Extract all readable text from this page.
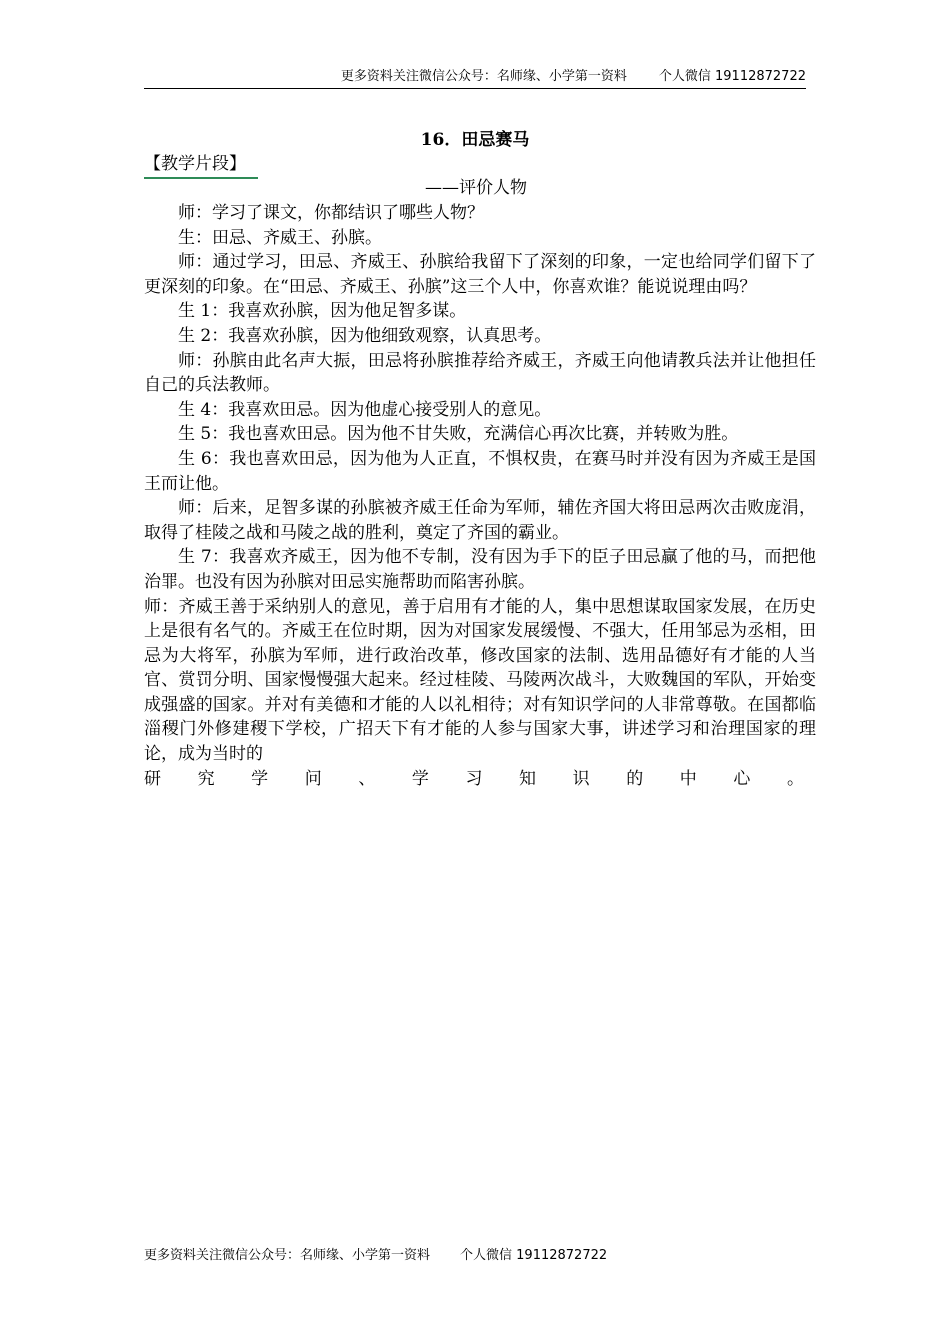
更多资料关注微信公众号：名师缘、小学第一资料 个人微信 19112872722
16．田忌赛马
【教学片段】
——评价人物

师：学习了课文，你都结识了哪些人物？

生：田忌、齐威王、孙膑。

师：通过学习，田忌、齐威王、孙膑给我留下了深刻的印象，一定也给同学们留下了更深刻的印象。在“田忌、齐威王、孙膑”这三个人中，你喜欢谁？能说说理由吗？

生 1：我喜欢孙膑，因为他足智多谋。

生 2：我喜欢孙膑，因为他细致观察，认真思考。

师：孙膑由此名声大振，田忌将孙膑推荐给齐威王，齐威王向他请教兵法并让他担任自己的兵法教师。

生 4：我喜欢田忌。因为他虚心接受别人的意见。

生 5：我也喜欢田忌。因为他不甘失败，充满信心再次比赛，并转败为胜。

生 6：我也喜欢田忌，因为他为人正直，不惧权贵，在赛马时并没有因为齐威王是国王而让他。

师：后来，足智多谋的孙膑被齐威王任命为军师，辅佐齐国大将田忌两次击败庞涓，取得了桂陵之战和马陵之战的胜利，奠定了齐国的霸业。

生 7：我喜欢齐威王，因为他不专制，没有因为手下的臣子田忌赢了他的马，而把他治罪。也没有因为孙膑对田忌实施帮助而陷害孙膑。

师：齐威王善于采纳别人的意见，善于启用有才能的人，集中思想谋取国家发展，在历史上是很有名气的。齐威王在位时期，因为对国家发展缓慢、不强大，任用邹忌为丞相，田忌为大将军，孙膑为军师，进行政治改革，修改国家的法制、选用品德好有才能的人当官、赏罚分明、国家慢慢强大起来。经过桂陵、马陵两次战斗，大败魏国的军队，开始变成强盛的国家。并对有美德和才能的人以礼相待；对有知识学问的人非常尊敬。在国都临淄稷门外修建稷下学校，广招天下有才能的人参与国家大事，讲述学习和治理国家的理论，成为当时的

研 究 学 问 、 学 习 知 识 的 中 心 。
更多资料关注微信公众号：名师缘、小学第一资料 个人微信 19112872722
